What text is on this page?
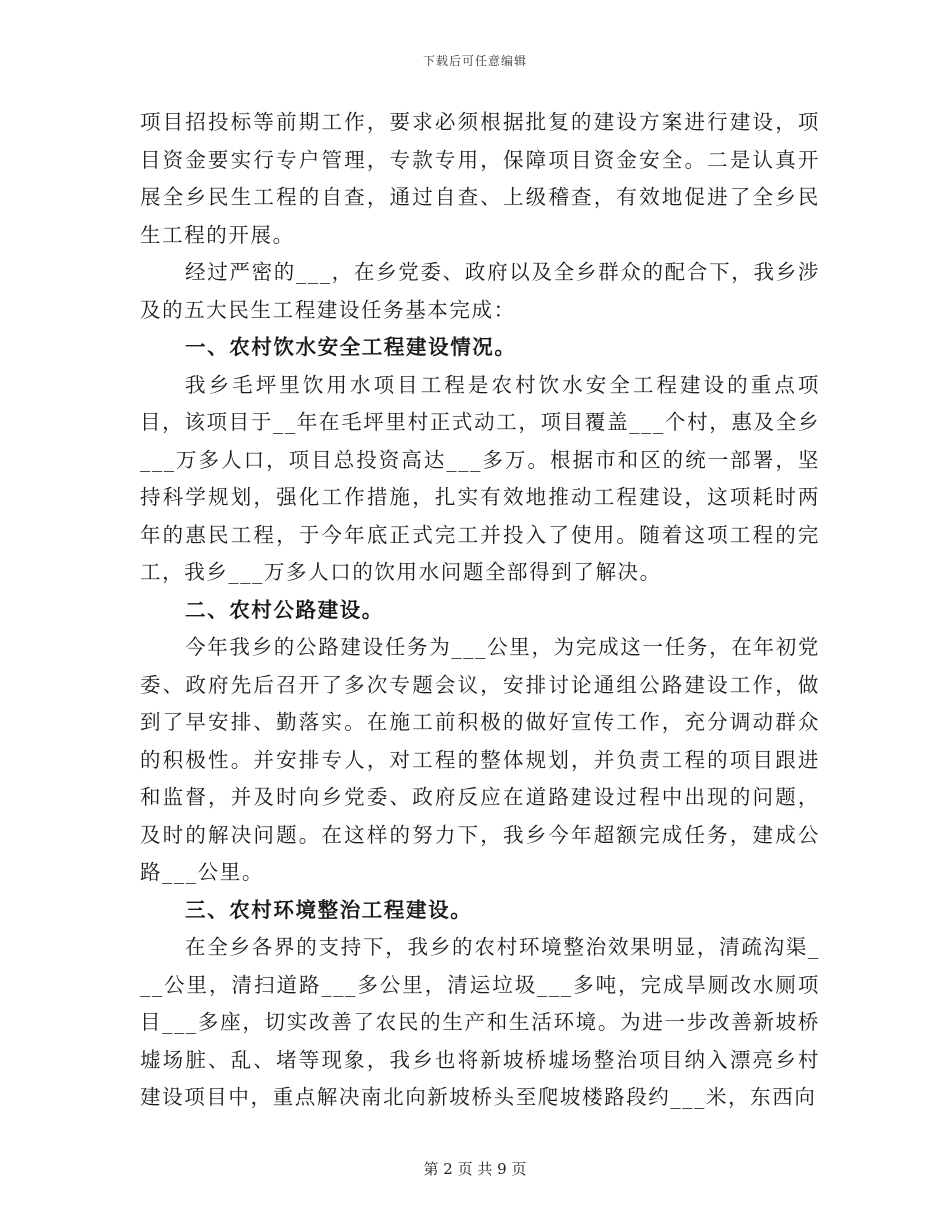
下载后可任意编辑

项目招投标等前期工作，要求必须根据批复的建设方案进行建设，项目资金要实行专户管理，专款专用，保障项目资金安全。二是认真开展全乡民生工程的自查，通过自查、上级稽查，有效地促进了全乡民生工程的开展。

经过严密的___，在乡党委、政府以及全乡群众的配合下，我乡涉及的五大民生工程建设任务基本完成：

一、农村饮水安全工程建设情况。

我乡毛坪里饮用水项目工程是农村饮水安全工程建设的重点项目，该项目于__年在毛坪里村正式动工，项目覆盖___个村，惠及全乡___万多人口，项目总投资高达___多万。根据市和区的统一部署，坚持科学规划，强化工作措施，扎实有效地推动工程建设，这项耗时两年的惠民工程，于今年底正式完工并投入了使用。随着这项工程的完工，我乡___万多人口的饮用水问题全部得到了解决。

二、农村公路建设。

今年我乡的公路建设任务为___公里，为完成这一任务，在年初党委、政府先后召开了多次专题会议，安排讨论通组公路建设工作，做到了早安排、勤落实。在施工前积极的做好宣传工作，充分调动群众的积极性。并安排专人，对工程的整体规划，并负责工程的项目跟进和监督，并及时向乡党委、政府反应在道路建设过程中出现的问题，及时的解决问题。在这样的努力下，我乡今年超额完成任务，建成公路___公里。

三、农村环境整治工程建设。

在全乡各界的支持下，我乡的农村环境整治效果明显，清疏沟渠___公里，清扫道路___多公里，清运垃圾___多吨，完成旱厕改水厕项目___多座，切实改善了农民的生产和生活环境。为进一步改善新坡桥墟场脏、乱、堵等现象，我乡也将新坡桥墟场整治项目纳入漂亮乡村建设项目中，重点解决南北向新坡桥头至爬坡楼路段约___米，东西向

第 2 页 共 9 页
